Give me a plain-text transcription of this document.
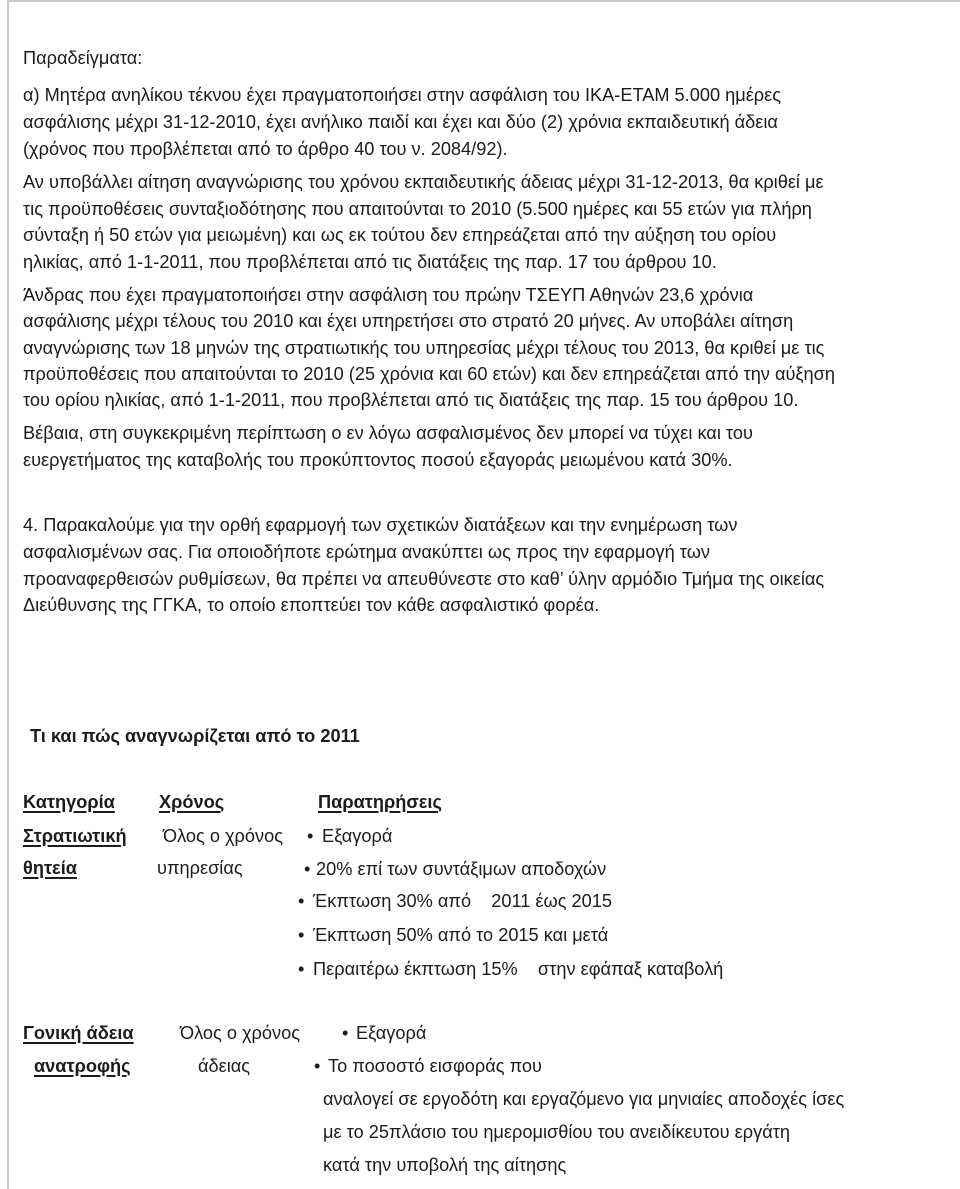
Παραδείγματα:

α) Μητέρα ανηλίκου τέκνου έχει πραγματοποιήσει στην ασφάλιση του ΙΚΑ-ΕΤΑΜ 5.000 ημέρες

ασφάλισης μέχρι 31-12-2010, έχει ανήλικο παιδί και έχει και δύο (2) χρόνια εκπαιδευτική άδεια

(χρόνος που προβλέπεται από το άρθρο 40 του ν. 2084/92).

Αν υποβάλλει αίτηση αναγνώρισης του χρόνου εκπαιδευτικής άδειας μέχρι 31-12-2013, θα κριθεί με

τις προϋποθέσεις συνταξιοδότησης που απαιτούνται το 2010 (5.500 ημέρες και 55 ετών για πλήρη

σύνταξη ή 50 ετών για μειωμένη) και ως εκ τούτου δεν επηρεάζεται από την αύξηση του ορίου

ηλικίας, από 1-1-2011, που προβλέπεται από τις διατάξεις της παρ. 17 του άρθρου 10.

Άνδρας που έχει πραγματοποιήσει στην ασφάλιση του πρώην ΤΣΕΥΠ Αθηνών 23,6 χρόνια

ασφάλισης μέχρι τέλους του 2010 και έχει υπηρετήσει στο στρατό 20 μήνες. Αν υποβάλει αίτηση

αναγνώρισης των 18 μηνών της στρατιωτικής του υπηρεσίας μέχρι τέλους του 2013, θα κριθεί με τις

προϋποθέσεις που απαιτούνται το 2010 (25 χρόνια και 60 ετών) και δεν επηρεάζεται από την αύξηση

του ορίου ηλικίας, από 1-1-2011, που προβλέπεται από τις διατάξεις της παρ. 15 του άρθρου 10.

Βέβαια, στη συγκεκριμένη περίπτωση ο εν λόγω ασφαλισμένος δεν μπορεί να τύχει και του

ευεργετήματος της καταβολής του προκύπτοντος ποσού εξαγοράς μειωμένου κατά 30%.

4. Παρακαλούμε για την ορθή εφαρμογή των σχετικών διατάξεων και την ενημέρωση των

ασφαλισμένων σας. Για οποιοδήποτε ερώτημα ανακύπτει ως προς την εφαρμογή των

προαναφερθεισών ρυθμίσεων, θα πρέπει να απευθύνεστε στο καθ’ ύλην αρμόδιο Τμήμα της οικείας

Διεύθυνσης της ΓΓΚΑ, το οποίο εποπτεύει τον κάθε ασφαλιστικό φορέα.

Τι και πώς αναγνωρίζεται από το 2011
Κατηγορία Χρόνος	Παρατηρήσεις
Στρατιωτική
θητεία
Όλος ο χρόνος
υπηρεσίας
• Εξαγορά
• 20% επί των συντάξιμων αποδοχών
• Έκπτωση 30% από    2011 έως 2015
• Έκπτωση 50% από το 2015 και μετά
• Περαιτέρω έκπτωση 15%    στην εφάπαξ καταβολή
Γονική άδεια
ανατροφής
Όλος ο χρόνος
άδειας
• Εξαγορά
• Το ποσοστό εισφοράς που
αναλογεί σε εργοδότη και εργαζόμενο για μηνιαίες αποδοχές ίσες
με το 25πλάσιο του ημερομισθίου του ανειδίκευτου εργάτη
κατά την υποβολή της αίτησης
